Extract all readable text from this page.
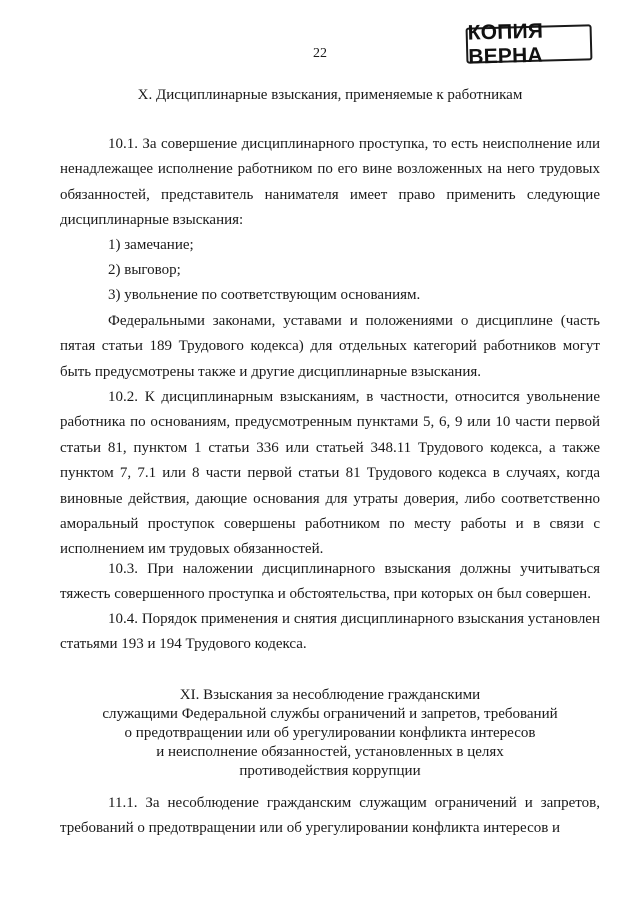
КОПИЯ ВЕРНА
22
X. Дисциплинарные взыскания, применяемые к работникам

10.1. За совершение дисциплинарного проступка, то есть неисполнение или ненадлежащее исполнение работником по его вине возложенных на него трудовых обязанностей, представитель нанимателя имеет право применить следующие дисциплинарные взыскания:

1) замечание;

2) выговор;

3) увольнение по соответствующим основаниям.

Федеральными законами, уставами и положениями о дисциплине (часть пятая статьи 189 Трудового кодекса) для отдельных категорий работников могут быть предусмотрены также и другие дисциплинарные взыскания.

10.2. К дисциплинарным взысканиям, в частности, относится увольнение работника по основаниям, предусмотренным пунктами 5, 6, 9 или 10 части первой статьи 81, пунктом 1 статьи 336 или статьей 348.11 Трудового кодекса, а также пунктом 7, 7.1 или 8 части первой статьи 81 Трудового кодекса в случаях, когда виновные действия, дающие основания для утраты доверия, либо соответственно аморальный проступок совершены работником по месту работы и в связи с исполнением им трудовых обязанностей.

10.3. При наложении дисциплинарного взыскания должны учитываться тяжесть совершенного проступка и обстоятельства, при которых он был совершен.

10.4. Порядок применения и снятия дисциплинарного взыскания установлен статьями 193 и 194 Трудового кодекса.

XI. Взыскания за несоблюдение гражданскими
служащими Федеральной службы ограничений и запретов, требований
о предотвращении или об урегулировании конфликта интересов
и неисполнение обязанностей, установленных в целях
противодействия коррупции

11.1. За несоблюдение гражданским служащим ограничений и запретов, требований о предотвращении или об урегулировании конфликта интересов и
